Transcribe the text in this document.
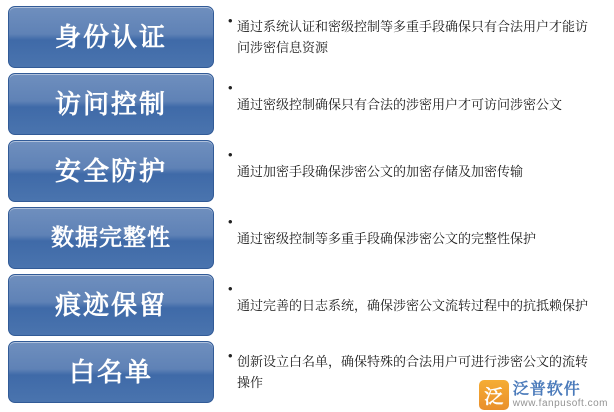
身份认证
• 通过系统认证和密级控制等多重手段确保只有合法用户才能访问涉密信息资源
访问控制
•
通过密级控制确保只有合法的涉密用户才可访问涉密公文
安全防护
•
通过加密手段确保涉密公文的加密存储及加密传输
数据完整性
•
通过密级控制等多重手段确保涉密公文的完整性保护
痕迹保留
•
通过完善的日志系统，确保涉密公文流转过程中的抗抵赖保护
白名单
• 创新设立白名单，确保特殊的合法用户可进行涉密公文的流转操作
泛 泛普软件
www.fanpusoft.com
